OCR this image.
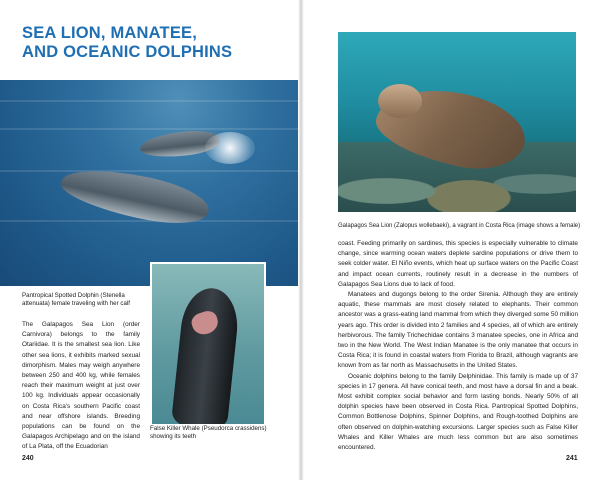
SEA LION, MANATEE,
AND OCEANIC DOLPHINS
Pantropical Spotted Dolphin (Stenella attenuata) female traveling with her calf

The Galapagos Sea Lion (order Carnivora) belongs to the family Otariidae. It is the smallest sea lion. Like other sea lions, it exhibits marked sexual dimorphism. Males may weigh anywhere between 250 and 400 kg, while females reach their maximum weight at just over 100 kg. Individuals appear occasionally on Costa Rica's southern Pacific coast and near offshore islands. Breeding populations can be found on the Galapagos Archipelago and on the island of La Plata, off the Ecuadorian

False Killer Whale (Pseudorca crassidens) showing its teeth
240
Galapagos Sea Lion (Zalopus wollebaeki), a vagrant in Costa Rica (image shows a female)

coast. Feeding primarily on sardines, this species is especially vulnerable to climate change, since warming ocean waters deplete sardine populations or drive them to seek colder water. El Niño events, which heat up surface waters on the Pacific Coast and impact ocean currents, routinely result in a decrease in the numbers of Galapagos Sea Lions due to lack of food.

Manatees and dugongs belong to the order Sirenia. Although they are entirely aquatic, these mammals are most closely related to elephants. Their common ancestor was a grass-eating land mammal from which they diverged some 50 million years ago. This order is divided into 2 families and 4 species, all of which are entirely herbivorous. The family Trichechidae contains 3 manatee species, one in Africa and two in the New World. The West Indian Manatee is the only manatee that occurs in Costa Rica; it is found in coastal waters from Florida to Brazil, although vagrants are known from as far north as Massachusetts in the United States.

Oceanic dolphins belong to the family Delphinidae. This family is made up of 37 species in 17 genera. All have conical teeth, and most have a dorsal fin and a beak. Most exhibit complex social behavior and form lasting bonds. Nearly 50% of all dolphin species have been observed in Costa Rica. Pantropical Spotted Dolphins, Common Bottlenose Dolphins, Spinner Dolphins, and Rough-toothed Dolphins are often observed on dolphin-watching excursions. Larger species such as False Killer Whales and Killer Whales are much less common but are also sometimes encountered.

241
